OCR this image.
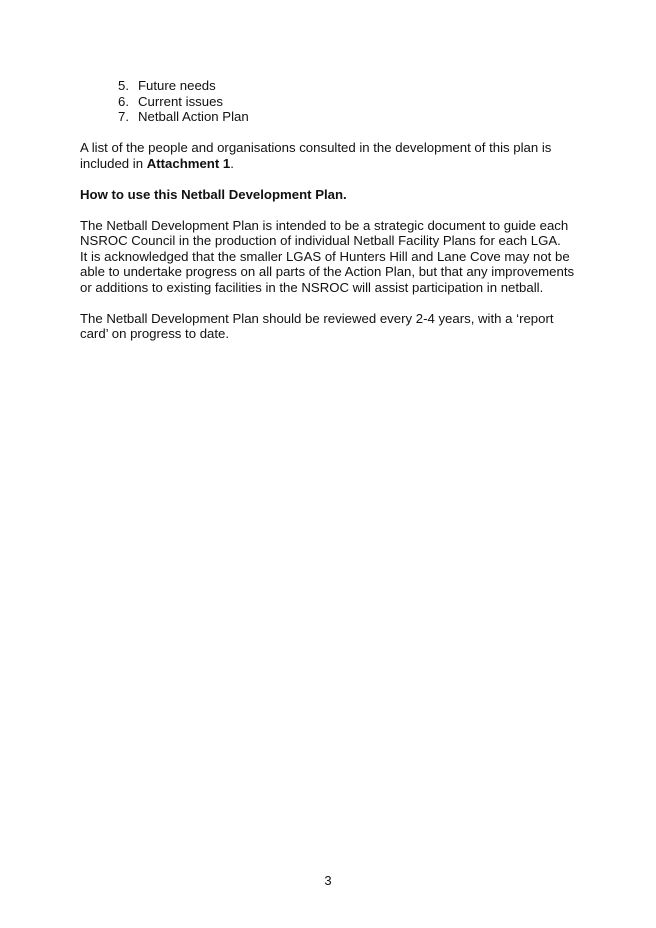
5. Future needs
6. Current issues
7. Netball Action Plan

A list of the people and organisations consulted in the development of this plan is
included in Attachment 1.

How to use this Netball Development Plan.

The Netball Development Plan is intended to be a strategic document to guide each
NSROC Council in the production of individual Netball Facility Plans for each LGA.
It is acknowledged that the smaller LGAS of Hunters Hill and Lane Cove may not be
able to undertake progress on all parts of the Action Plan, but that any improvements
or additions to existing facilities in the NSROC will assist participation in netball.

The Netball Development Plan should be reviewed every 2-4 years, with a ‘report
card’ on progress to date.

3
